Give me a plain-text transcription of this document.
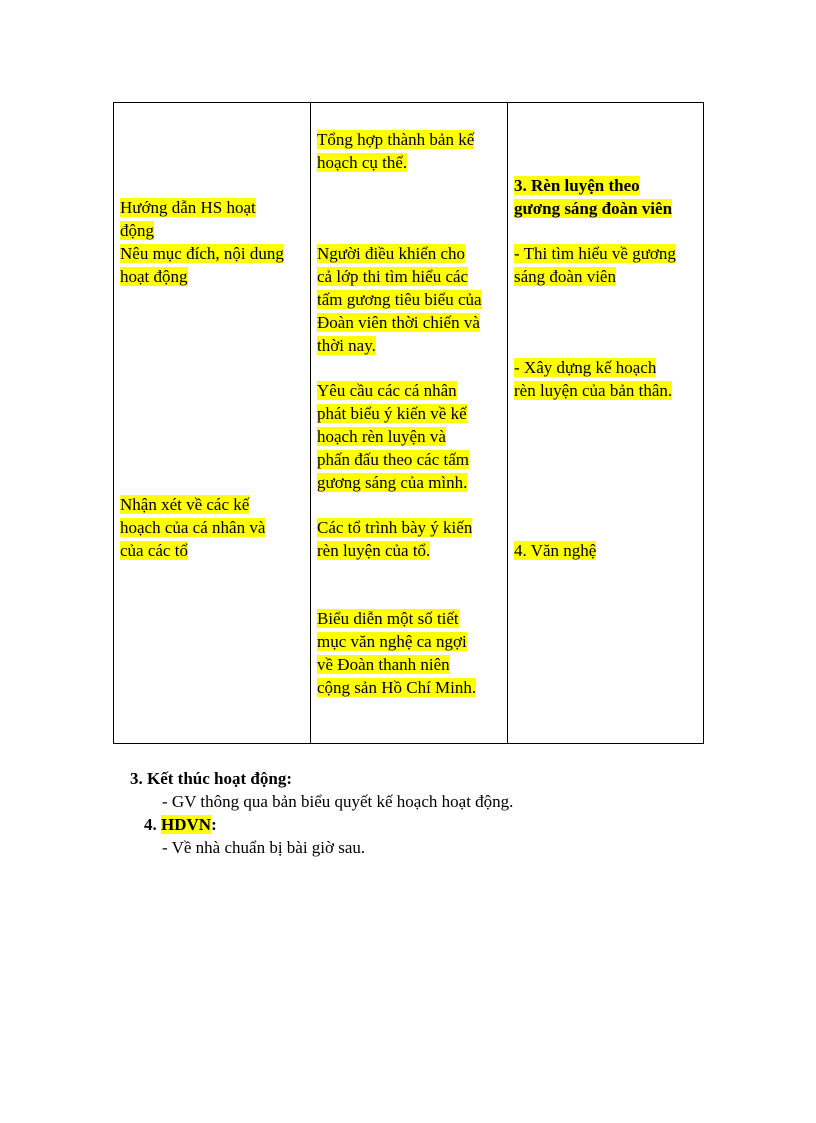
Hướng dẫn HS hoạt
động
Nêu mục đích, nội dung
hoạt động
Nhận xét về các kế
hoạch của cá nhân và
của các tổ
Tổng hợp thành bản kế
hoạch cụ thể.
Người điều khiển cho
cả lớp thi tìm hiểu các
tấm gương tiêu biểu của
Đoàn viên thời chiến và
thời nay.
Yêu cầu các cá nhân
phát biểu ý kiến về kế
hoạch rèn luyện và
phấn đấu theo các tấm
gương sáng của mình.
Các tổ trình bày ý kiến
rèn luyện của tổ.
Biểu diễn một số tiết
mục văn nghệ ca ngợi
về Đoàn thanh niên
cộng sản Hồ Chí Minh.
3. Rèn luyện theo
gương sáng đoàn viên
- Thi tìm hiểu về gương
sáng đoàn viên
- Xây dựng kế hoạch
rèn luyện của bản thân.
4. Văn nghệ
3. Kết thúc hoạt động:
- GV thông qua bản biểu quyết kế hoạch hoạt động.
4. HDVN:
- Về nhà chuẩn bị bài giờ sau.
